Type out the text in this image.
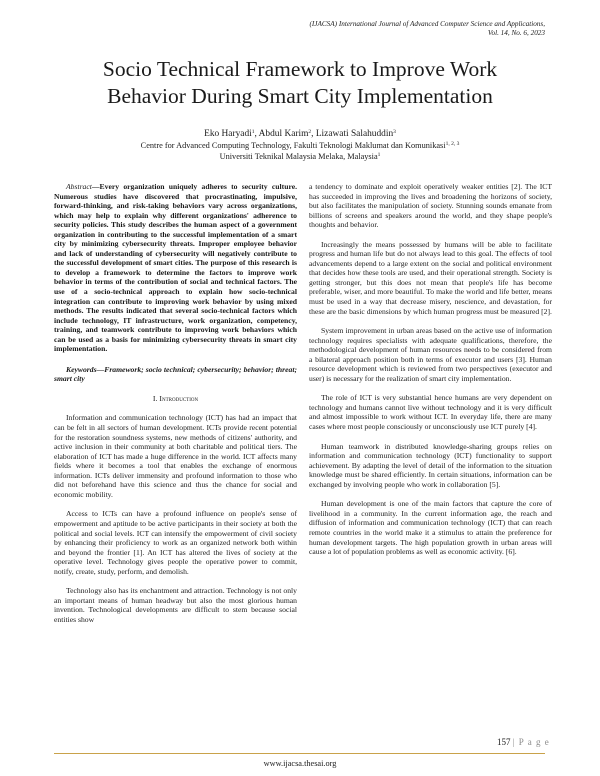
(IJACSA) International Journal of Advanced Computer Science and Applications,
Vol. 14, No. 6, 2023
Socio Technical Framework to Improve Work
Behavior During Smart City Implementation
Eko Haryadi$^1$, Abdul Karim$^2$, Lizawati Salahuddin$^3$
Centre for Advanced Computing Technology, Fakulti Teknologi Maklumat dan Komunikasi$^{1, 2, 3}$
Universiti Teknikal Malaysia Melaka, Malaysia$^1$

Abstract—Every organization uniquely adheres to security culture. Numerous studies have discovered that procrastinating, impulsive, forward-thinking, and risk-taking behaviors vary across organizations, which may help to explain why different organizations' adherence to security policies. This study describes the human aspect of a government organization in contributing to the successful implementation of a smart city by minimizing cybersecurity threats. Improper employee behavior and lack of understanding of cybersecurity will negatively contribute to the successful development of smart cities. The purpose of this research is to develop a framework to determine the factors to improve work behavior in terms of the contribution of social and technical factors. The use of a socio-technical approach to explain how socio-technical integration can contribute to improving work behavior by using mixed methods. The results indicated that several socio-technical factors which include technology, IT infrastructure, work organization, competency, training, and teamwork contribute to improving work behaviors which can be used as a basis for minimizing cybersecurity threats in smart city implementation.

Keywords—Framework; socio technical; cybersecurity; behavior; threat; smart city

I. Introduction

Information and communication technology (ICT) has had an impact that can be felt in all sectors of human development. ICTs provide recent potential for the restoration soundness systems, new methods of citizens' authority, and active inclusion in their community at both charitable and political tiers. The elaboration of ICT has made a huge difference in the world. ICT affects many fields where it becomes a tool that enables the exchange of enormous information. ICTs deliver immensity and profound information to those who did not beforehand have this science and thus the chance for social and economic mobility.

Access to ICTs can have a profound influence on people's sense of empowerment and aptitude to be active participants in their society at both the political and social levels. ICT can intensify the empowerment of civil society by enhancing their proficiency to work as an organized network both within and beyond the frontier [1]. An ICT has altered the lives of society at the operative level. Technology gives people the operative power to commit, notify, create, study, perform, and demolish.

Technology also has its enchantment and attraction. Technology is not only an important means of human headway but also the most glorious human invention. Technological developments are difficult to stem because social entities show

a tendency to dominate and exploit operatively weaker entities [2]. The ICT has succeeded in improving the lives and broadening the horizons of society, but also facilitates the manipulation of society. Stunning sounds emanate from billions of screens and speakers around the world, and they shape people's thoughts and behavior.

Increasingly the means possessed by humans will be able to facilitate progress and human life but do not always lead to this goal. The effects of tool advancements depend to a large extent on the social and political environment that decides how these tools are used, and their operational strength. Society is getting stronger, but this does not mean that people's life has become preferable, wiser, and more beautiful. To make the world and life better, means must be used in a way that decrease misery, nescience, and devastation, for these are the basic dimensions by which human progress must be measured [2].

System improvement in urban areas based on the active use of information technology requires specialists with adequate qualifications, therefore, the methodological development of human resources needs to be considered from a bilateral approach position both in terms of executor and users [3]. Human resource development which is reviewed from two perspectives (executor and user) is necessary for the realization of smart city implementation.

The role of ICT is very substantial hence humans are very dependent on technology and humans cannot live without technology and it is very difficult and almost impossible to work without ICT. In everyday life, there are many cases where most people consciously or unconsciously use ICT purely [4].

Human teamwork in distributed knowledge-sharing groups relies on information and communication technology (ICT) functionality to support achievement. By adapting the level of detail of the information to the situation knowledge must be shared efficiently. In certain situations, information can be exchanged by involving people who work in collaboration [5].

Human development is one of the main factors that capture the core of livelihood in a community. In the current information age, the reach and diffusion of information and communication technology (ICT) that can reach remote countries in the world make it a stimulus to attain the preference for human development targets. The high population growth in urban areas will cause a lot of population problems as well as economic activity. [6].

157 | P a g e
www.ijacsa.thesai.org
